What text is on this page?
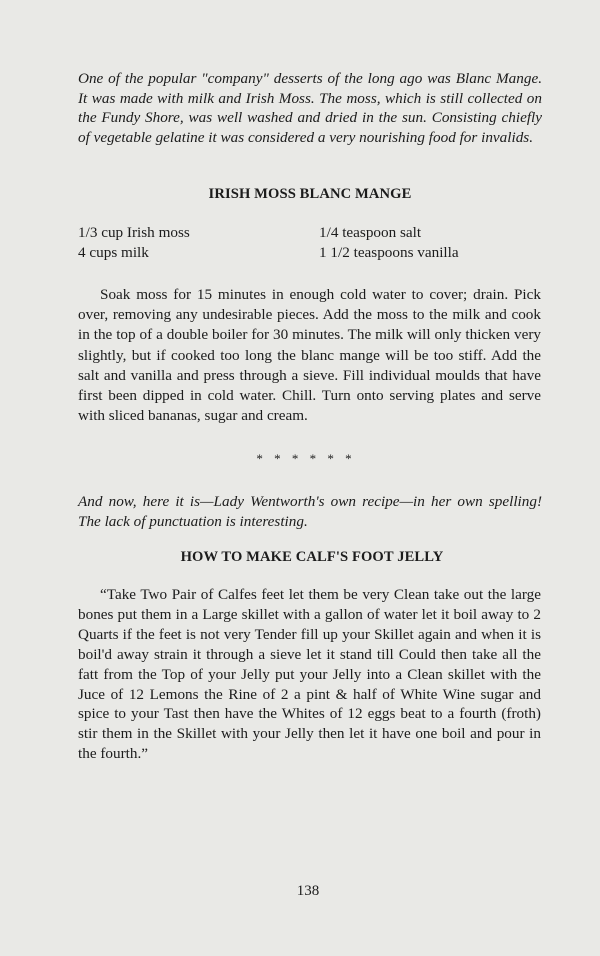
One of the popular "company" desserts of the long ago was Blanc Mange. It was made with milk and Irish Moss. The moss, which is still collected on the Fundy Shore, was well washed and dried in the sun. Consisting chiefly of vegetable gelatine it was considered a very nourishing food for invalids.

IRISH MOSS BLANC MANGE
1/3 cup Irish moss	1/4 teaspoon salt
4 cups milk	1 1/2 teaspoons vanilla

Soak moss for 15 minutes in enough cold water to cover; drain. Pick over, removing any undesirable pieces. Add the moss to the milk and cook in the top of a double boiler for 30 minutes. The milk will only thicken very slightly, but if cooked too long the blanc mange will be too stiff. Add the salt and vanilla and press through a sieve. Fill individual moulds that have first been dipped in cold water. Chill. Turn onto serving plates and serve with sliced bananas, sugar and cream.

* * * * * *

And now, here it is—Lady Wentworth's own recipe—in her own spelling! The lack of punctuation is interesting.

HOW TO MAKE CALF'S FOOT JELLY

“Take Two Pair of Calfes feet let them be very Clean take out the large bones put them in a Large skillet with a gallon of water let it boil away to 2 Quarts if the feet is not very Tender fill up your Skillet again and when it is boil'd away strain it through a sieve let it stand till Could then take all the fatt from the Top of your Jelly put your Jelly into a Clean skillet with the Juce of 12 Lemons the Rine of 2 a pint & half of White Wine sugar and spice to your Tast then have the Whites of 12 eggs beat to a fourth (froth) stir them in the Skillet with your Jelly then let it have one boil and pour in the fourth.”

138
